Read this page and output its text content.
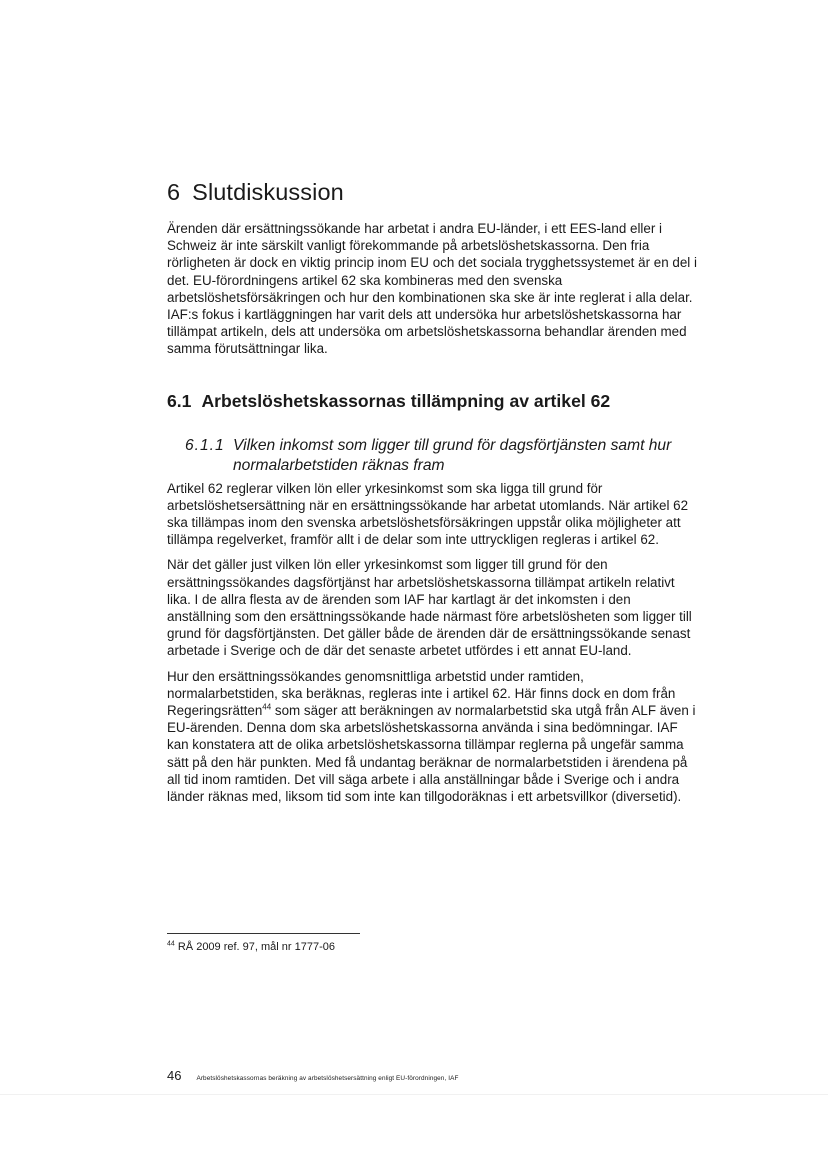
6 Slutdiskussion

Ärenden där ersättningssökande har arbetat i andra EU-länder, i ett EES-land eller i Schweiz är inte särskilt vanligt förekommande på arbetslöshetskassorna. Den fria rörligheten är dock en viktig princip inom EU och det sociala trygghetssystemet är en del i det. EU-förordningens artikel 62 ska kombineras med den svenska arbetslöshetsförsäkringen och hur den kombinationen ska ske är inte reglerat i alla delar. IAF:s fokus i kartläggningen har varit dels att undersöka hur arbetslöshetskassorna har tillämpat artikeln, dels att undersöka om arbetslöshetskassorna behandlar ärenden med samma förutsättningar lika.

6.1 Arbetslöshetskassornas tillämpning av artikel 62
6.1.1 Vilken inkomst som ligger till grund för dagsförtjänsten samt hur normalarbetstiden räknas fram

Artikel 62 reglerar vilken lön eller yrkesinkomst som ska ligga till grund för arbetslöshetsersättning när en ersättningssökande har arbetat utomlands. När artikel 62 ska tillämpas inom den svenska arbetslöshetsförsäkringen uppstår olika möjligheter att tillämpa regelverket, framför allt i de delar som inte uttryckligen regleras i artikel 62.

När det gäller just vilken lön eller yrkesinkomst som ligger till grund för den ersättningssökandes dagsförtjänst har arbetslöshetskassorna tillämpat artikeln relativt lika. I de allra flesta av de ärenden som IAF har kartlagt är det inkomsten i den anställning som den ersättningssökande hade närmast före arbetslösheten som ligger till grund för dagsförtjänsten. Det gäller både de ärenden där de ersättningssökande senast arbetade i Sverige och de där det senaste arbetet utfördes i ett annat EU-land.

Hur den ersättningssökandes genomsnittliga arbetstid under ramtiden, normalarbetstiden, ska beräknas, regleras inte i artikel 62. Här finns dock en dom från Regeringsrätten$^{44}$ som säger att beräkningen av normalarbetstid ska utgå från ALF även i EU-ärenden. Denna dom ska arbetslöshetskassorna använda i sina bedömningar. IAF kan konstatera att de olika arbetslöshetskassorna tillämpar reglerna på ungefär samma sätt på den här punkten. Med få undantag beräknar de normalarbetstiden i ärendena på all tid inom ramtiden. Det vill säga arbete i alla anställningar både i Sverige och i andra länder räknas med, liksom tid som inte kan tillgodoräknas i ett arbetsvillkor (diversetid).

$^{44}$ RÅ 2009 ref. 97, mål nr 1777-06
46 Arbetslöshetskassornas beräkning av arbetslöshetsersättning enligt EU-förordningen, IAF
